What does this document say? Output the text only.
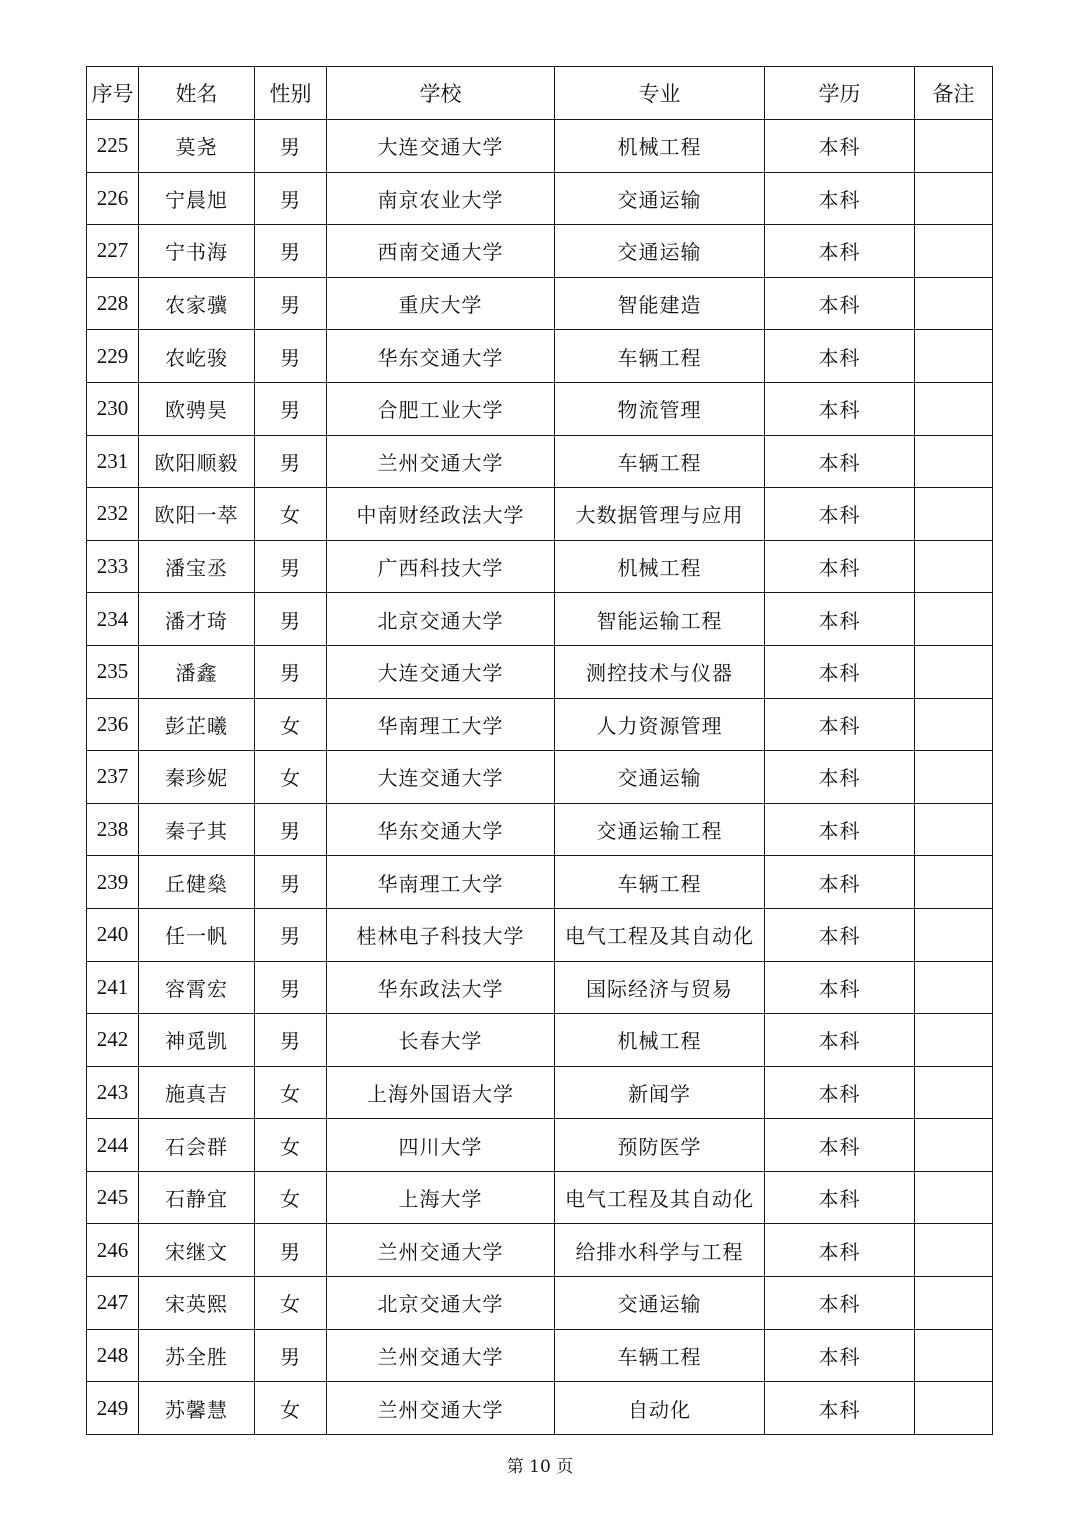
序号	姓名	性别	学校	专业	学历	备注
225	莫尧	男	大连交通大学	机械工程	本科	
226	宁晨旭	男	南京农业大学	交通运输	本科	
227	宁书海	男	西南交通大学	交通运输	本科	
228	农家骥	男	重庆大学	智能建造	本科	
229	农屹骏	男	华东交通大学	车辆工程	本科	
230	欧骋昊	男	合肥工业大学	物流管理	本科	
231	欧阳顺毅	男	兰州交通大学	车辆工程	本科	
232	欧阳一萃	女	中南财经政法大学	大数据管理与应用	本科	
233	潘宝丞	男	广西科技大学	机械工程	本科	
234	潘才琦	男	北京交通大学	智能运输工程	本科	
235	潘鑫	男	大连交通大学	测控技术与仪器	本科	
236	彭芷曦	女	华南理工大学	人力资源管理	本科	
237	秦珍妮	女	大连交通大学	交通运输	本科	
238	秦子其	男	华东交通大学	交通运输工程	本科	
239	丘健燊	男	华南理工大学	车辆工程	本科	
240	任一帆	男	桂林电子科技大学	电气工程及其自动化	本科	
241	容霄宏	男	华东政法大学	国际经济与贸易	本科	
242	神觅凯	男	长春大学	机械工程	本科	
243	施真吉	女	上海外国语大学	新闻学	本科	
244	石会群	女	四川大学	预防医学	本科	
245	石静宜	女	上海大学	电气工程及其自动化	本科	
246	宋继文	男	兰州交通大学	给排水科学与工程	本科	
247	宋英熙	女	北京交通大学	交通运输	本科	
248	苏全胜	男	兰州交通大学	车辆工程	本科	
249	苏馨慧	女	兰州交通大学	自动化	本科	
第 10 页
